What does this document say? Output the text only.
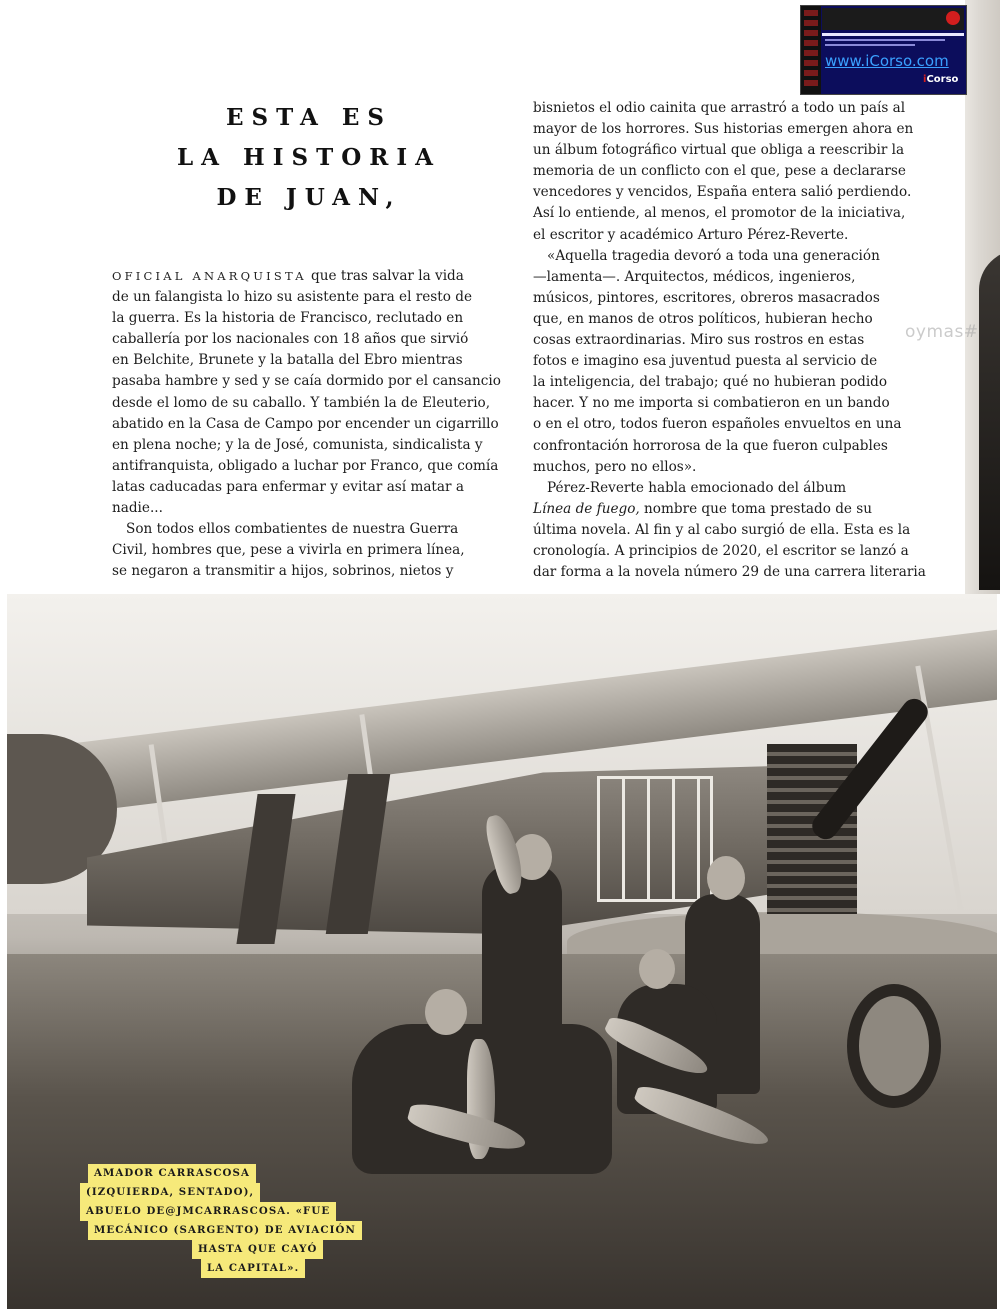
oymas#
www.iCorso.com
iCorso
ESTA ES
LA HISTORIA
DE JUAN,

OFICIAL ANARQUISTA que tras salvar la vida

de un falangista lo hizo su asistente para el resto de

la guerra. Es la historia de Francisco, reclutado en

caballería por los nacionales con 18 años que sirvió

en Belchite, Brunete y la batalla del Ebro mientras

pasaba hambre y sed y se caía dormido por el cansancio

desde el lomo de su caballo. Y también la de Eleuterio,

abatido en la Casa de Campo por encender un cigarrillo

en plena noche; y la de José, comunista, sindicalista y

antifranquista, obligado a luchar por Franco, que comía

latas caducadas para enfermar y evitar así matar a

nadie...

Son todos ellos combatientes de nuestra Guerra

Civil, hombres que, pese a vivirla en primera línea,

se negaron a transmitir a hijos, sobrinos, nietos y

bisnietos el odio cainita que arrastró a todo un país al

mayor de los horrores. Sus historias emergen ahora en

un álbum fotográfico virtual que obliga a reescribir la

memoria de un conflicto con el que, pese a declararse

vencedores y vencidos, España entera salió perdiendo.

Así lo entiende, al menos, el promotor de la iniciativa,

el escritor y académico Arturo Pérez-Reverte.

«Aquella tragedia devoró a toda una generación

—lamenta—. Arquitectos, médicos, ingenieros,

músicos, pintores, escritores, obreros masacrados

que, en manos de otros políticos, hubieran hecho

cosas extraordinarias. Miro sus rostros en estas

fotos e imagino esa juventud puesta al servicio de

la inteligencia, del trabajo; qué no hubieran podido

hacer. Y no me importa si combatieron en un bando

o en el otro, todos fueron españoles envueltos en una

confrontación horrorosa de la que fueron culpables

muchos, pero no ellos».

Pérez-Reverte habla emocionado del álbum

Línea de fuego, nombre que toma prestado de su

última novela. Al fin y al cabo surgió de ella. Esta es la

cronología. A principios de 2020, el escritor se lanzó a

dar forma a la novela número 29 de una carrera literaria

AMADOR CARRASCOSA
(IZQUIERDA, SENTADO),
ABUELO DE@JMCARRASCOSA. «FUE
MECÁNICO (SARGENTO) DE AVIACIÓN
HASTA QUE CAYÓ
LA CAPITAL».
